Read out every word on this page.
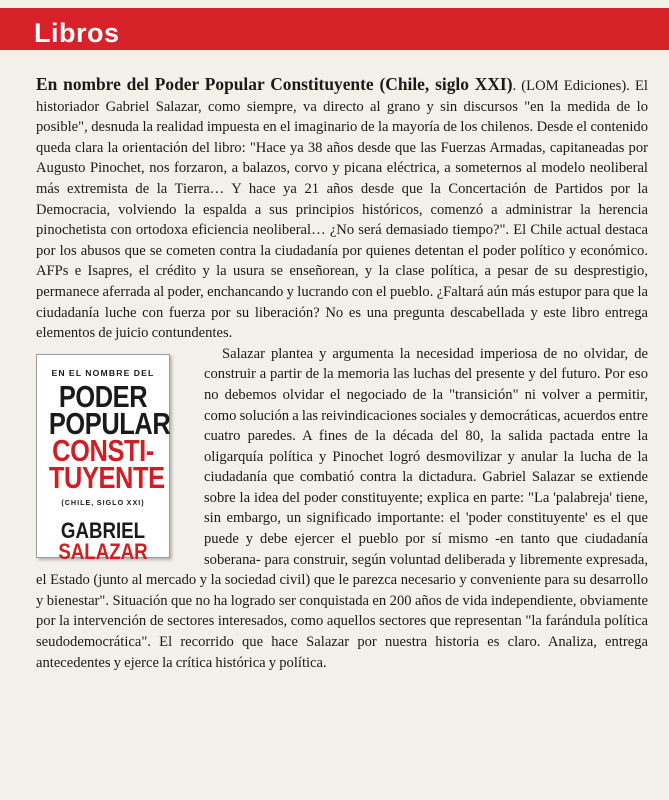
Libros

En nombre del Poder Popular Constituyente (Chile, siglo XXI). (LOM Ediciones). El historiador Gabriel Salazar, como siempre, va directo al grano y sin discursos "en la medida de lo posible", desnuda la realidad impuesta en el imaginario de la mayoría de los chilenos. Desde el contenido queda clara la orientación del libro: "Hace ya 38 años desde que las Fuerzas Armadas, capitaneadas por Augusto Pinochet, nos forzaron, a balazos, corvo y picana eléctrica, a someternos al modelo neoliberal más extremista de la Tierra… Y hace ya 21 años desde que la Concertación de Partidos por la Democracia, volviendo la espalda a sus principios históricos, comenzó a administrar la herencia pinochetista con ortodoxa eficiencia neoliberal… ¿No será demasiado tiempo?". El Chile actual destaca por los abusos que se cometen contra la ciudadanía por quienes detentan el poder político y económico. AFPs e Isapres, el crédito y la usura se enseñorean, y la clase política, a pesar de su desprestigio, permanece aferrada al poder, enchancando y lucrando con el pueblo. ¿Faltará aún más estupor para que la ciudadanía luche con fuerza por su liberación? No es una pregunta descabellada y este libro entrega elementos de juicio contundentes.

EN EL NOMBRE DEL
PODER
POPULAR
CONSTI-
TUYENTE
(CHILE, SIGLO XXI)
GABRIEL
SALAZAR

Salazar plantea y argumenta la necesidad imperiosa de no olvidar, de construir a partir de la memoria las luchas del presente y del futuro. Por eso no debemos olvidar el negociado de la "transición" ni volver a permitir, como solución a las reivindicaciones sociales y democráticas, acuerdos entre cuatro paredes. A fines de la década del 80, la salida pactada entre la oligarquía política y Pinochet logró desmovilizar y anular la lucha de la ciudadanía que combatió contra la dictadura. Gabriel Salazar se extiende sobre la idea del poder constituyente; explica en parte: "La 'palabreja' tiene, sin embargo, un significado importante: el 'poder constituyente' es el que puede y debe ejercer el pueblo por sí mismo -en tanto que ciudadanía soberana- para construir, según voluntad deliberada y libremente expresada, el Estado (junto al mercado y la sociedad civil) que le parezca necesario y conveniente para su desarrollo y bienestar". Situación que no ha logrado ser conquistada en 200 años de vida independiente, obviamente por la intervención de sectores interesados, como aquellos sectores que representan "la farándula política seudodemocrática". El recorrido que hace Salazar por nuestra historia es claro. Analiza, entrega antecedentes y ejerce la crítica histórica y política.
